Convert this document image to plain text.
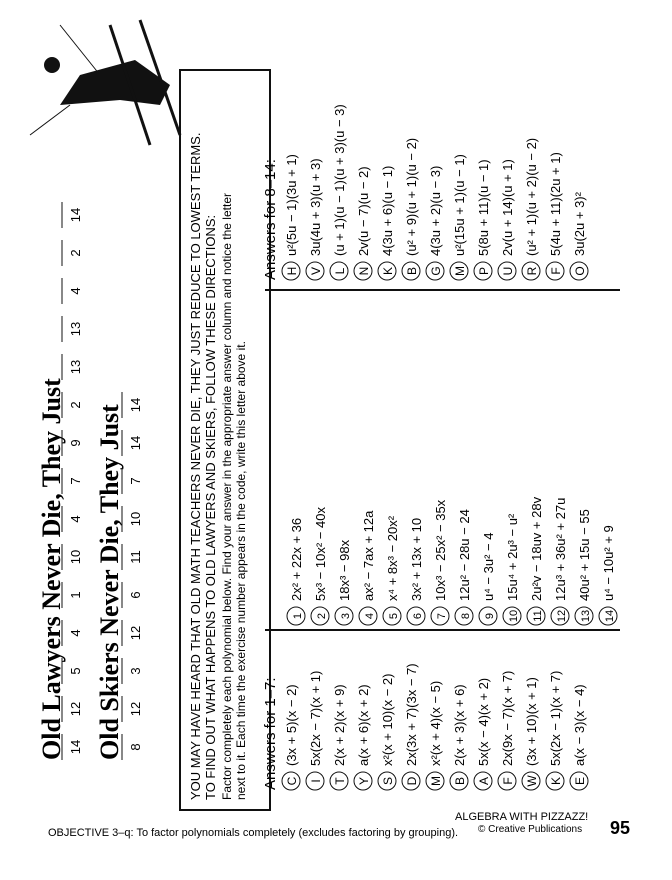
Old Lawyers Never Die, They Just 14
12
5
4
1
10
4
7
9
2
13
13
4
2
14
Old Skiers Never Die, They Just 8
12
3
12
6
11
10
7
14
14	YOU MAY HAVE HEARD THAT OLD MATH TEACHERS NEVER DIE, THEY JUST REDUCE TO LOWEST TERMS. TO FIND OUT WHAT HAPPENS TO OLD LAWYERS AND SKIERS, FOLLOW THESE DIRECTIONS: Factor completely each polynomial below. Find your answer in the appropriate answer column and notice the letter next to it. Each time the exercise number appears in the code, write this letter above it. Answers for 1–7: C
(3x + 5)(x − 2)
I
5x(2x − 7)(x + 1)
T
2(x + 2)(x + 9)
Y
a(x + 6)(x + 2)
S
x²(x + 10)(x − 2)
D
2x(3x + 7)(3x − 7)
M
x²(x + 4)(x − 5)
B
2(x + 3)(x + 6)
A
5x(x − 4)(x + 2)
F
2x(9x − 7)(x + 7)
W
(3x + 10)(x + 1)
K
5x(2x − 1)(x + 7)
E
a(x − 3)(x − 4)
1
2x² + 22x + 36
2
5x³ − 10x² − 40x
3
18x³ − 98x
4
ax² − 7ax + 12a
5
x⁴ + 8x³ − 20x²
6
3x² + 13x + 10
7
10x³ − 25x² − 35x
8
12u² − 28u − 24
9
u⁴ − 3u² − 4
10
15u⁴ + 2u³ − u²
11
2u²v − 18uv + 28v
12
12u³ + 36u² + 27u
13
40u² + 15u − 55
14
u⁴ − 10u² + 9
Answers for 8–14: H
u²(5u − 1)(3u + 1)
V
3u(4u + 3)(u + 3)
L
(u + 1)(u − 1)(u + 3)(u − 3)
N
2v(u − 7)(u − 2)
K
4(3u + 6)(u − 1)
B
(u² + 9)(u + 1)(u − 2)
G
4(3u + 2)(u − 3)
M
u²(15u + 1)(u − 1)
P
5(8u + 11)(u − 1)
U
2v(u + 14)(u + 1)
R
(u² + 1)(u + 2)(u − 2)
F
5(4u + 11)(2u + 1)
O
3u(2u + 3)²
OBJECTIVE 3–q: To factor polynomials completely (excludes factoring by grouping).
ALGEBRA WITH PIZZAZZ!
© Creative Publications 95
